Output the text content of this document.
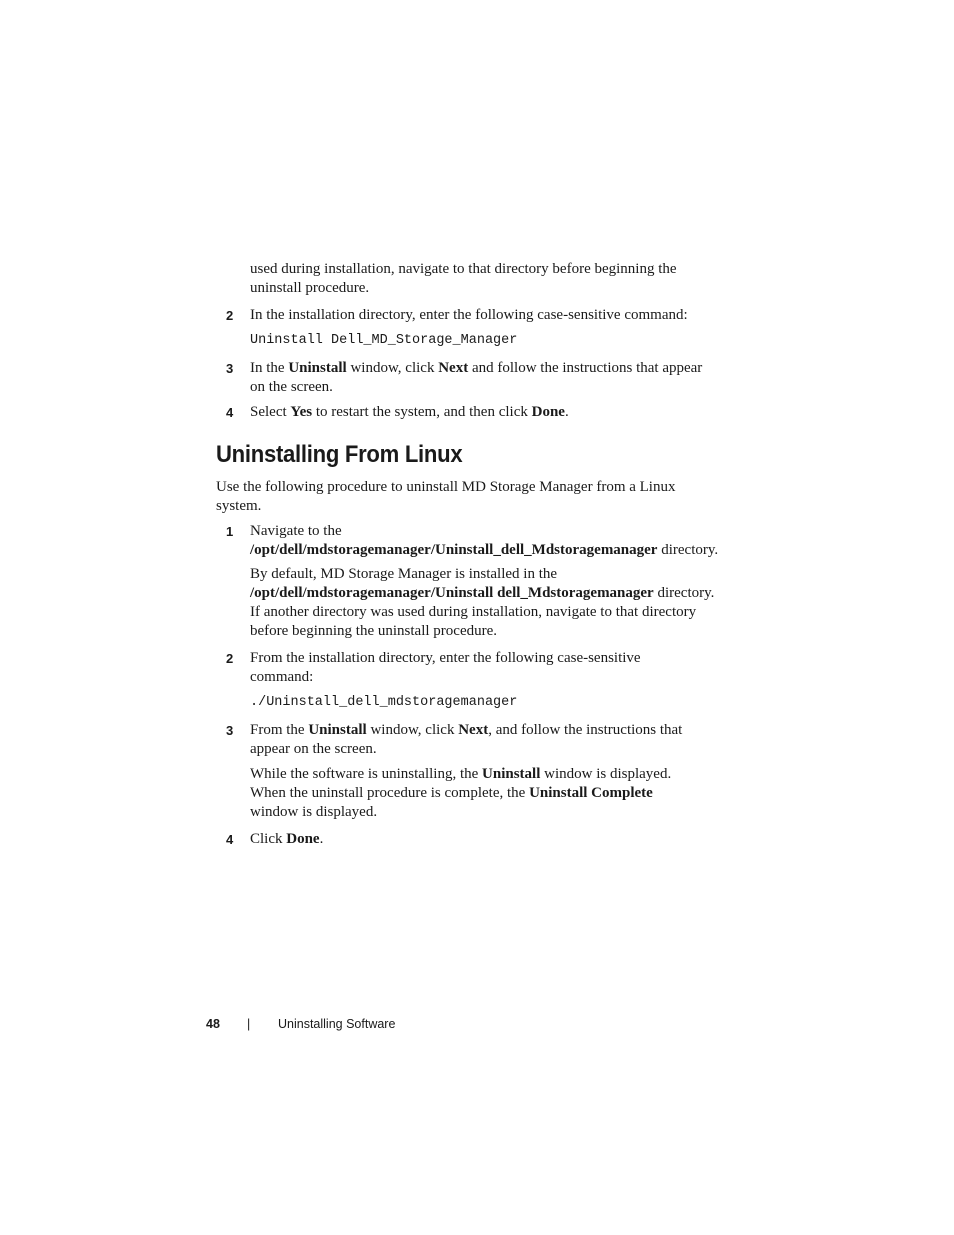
used during installation, navigate to that directory before beginning the
uninstall procedure.

2 In the installation directory, enter the following case-sensitive command:

Uninstall Dell_MD_Storage_Manager
3 In the Uninstall window, click Next and follow the instructions that appear
on the screen.

4 Select Yes to restart the system, and then click Done.

Uninstalling From Linux

Use the following procedure to uninstall MD Storage Manager from a Linux
system.

1 Navigate to the
/opt/dell/mdstoragemanager/Uninstall_dell_Mdstoragemanager directory.

By default, MD Storage Manager is installed in the
/opt/dell/mdstoragemanager/Uninstall dell_Mdstoragemanager directory.
If another directory was used during installation, navigate to that directory
before beginning the uninstall procedure.

2 From the installation directory, enter the following case-sensitive
command:

./Uninstall_dell_mdstoragemanager
3 From the Uninstall window, click Next, and follow the instructions that
appear on the screen.

While the software is uninstalling, the Uninstall window is displayed.
When the uninstall procedure is complete, the Uninstall Complete
window is displayed.

4 Click Done.

48 | Uninstalling Software
